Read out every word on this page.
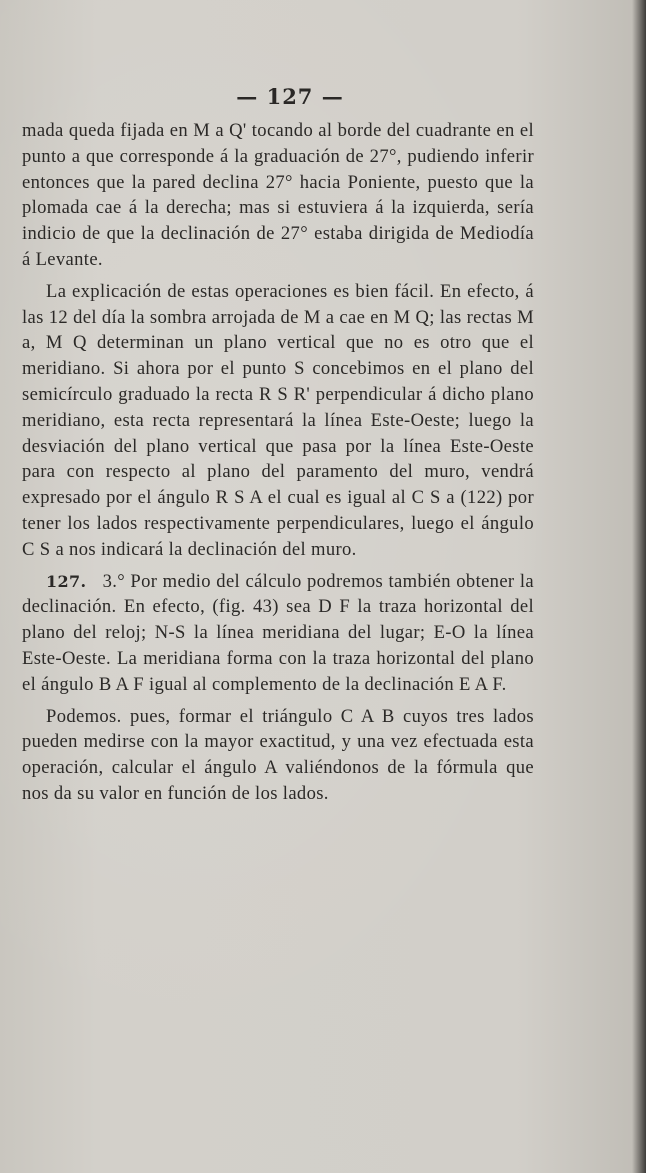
— 127 —

mada queda fijada en M a Q' tocando al borde del cuadrante en el punto a que corresponde á la graduación de 27°, pudiendo inferir entonces que la pared declina 27° hacia Poniente, puesto que la plomada cae á la derecha; mas si estuviera á la izquierda, sería indicio de que la declinación de 27° estaba dirigida de Mediodía á Levante.

La explicación de estas operaciones es bien fácil. En efecto, á las 12 del día la sombra arrojada de M a cae en M Q; las rectas M a, M Q determinan un plano vertical que no es otro que el meridiano. Si ahora por el punto S concebimos en el plano del semicírculo graduado la recta R S R' perpendicular á dicho plano meridiano, esta recta representará la línea Este-Oeste; luego la desviación del plano vertical que pasa por la línea Este-Oeste para con respecto al plano del paramento del muro, vendrá expresado por el ángulo R S A el cual es igual al C S a (122) por tener los lados respectivamente perpendiculares, luego el ángulo C S a nos indicará la declinación del muro.

127. 3.° Por medio del cálculo podremos también obtener la declinación. En efecto, (fig. 43) sea D F la traza horizontal del plano del reloj; N-S la línea meridiana del lugar; E-O la línea Este-Oeste. La meridiana forma con la traza horizontal del plano el ángulo B A F igual al complemento de la declinación E A F.

Podemos. pues, formar el triángulo C A B cuyos tres lados pueden medirse con la mayor exactitud, y una vez efectuada esta operación, calcular el ángulo A valiéndonos de la fórmula que nos da su valor en función de los lados.
